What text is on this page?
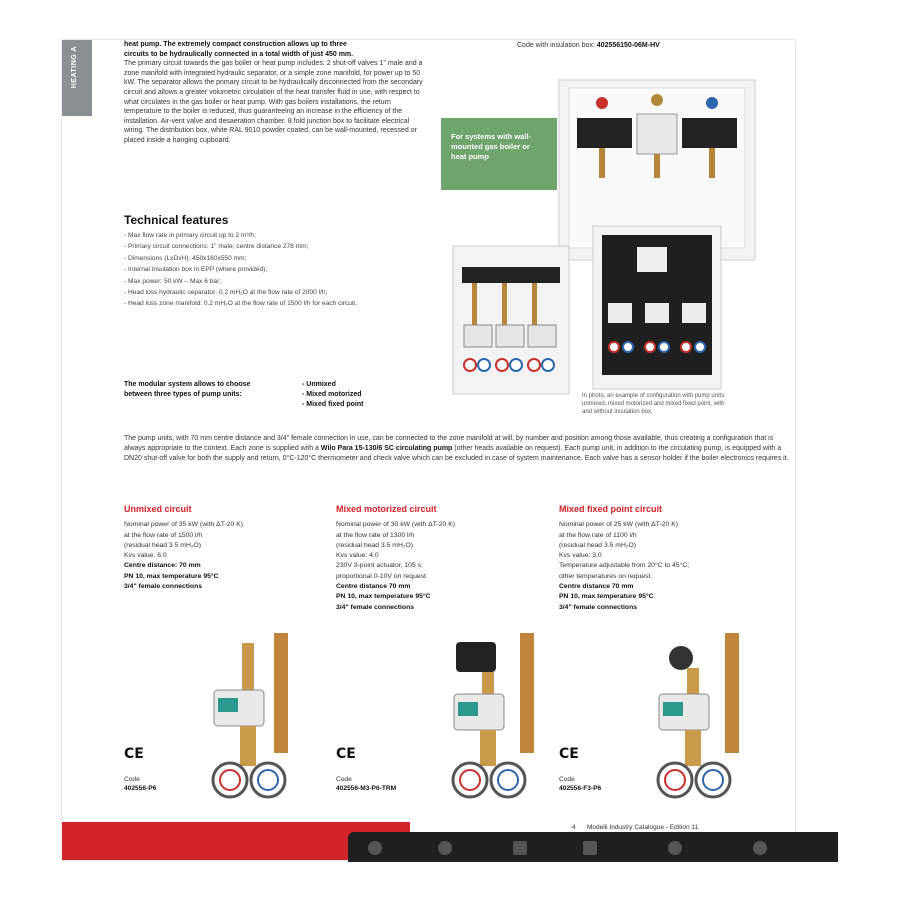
HEATING A
heat pump. The extremely compact construction allows up to three
circuits to be hydraulically connected in a total width of just 450 mm.
The primary circuit towards the gas boiler or heat pump includes: 2 shut-off valves 1" male and a zone manifold with integrated hydraulic separator, or a simple zone manifold, for power up to 50 kW. The separator allows the primary circuit to be hydraulically disconnected from the secondary circuit and allows a greater volumetric circulation of the heat transfer fluid in use, with respect to what circulates in the gas boiler or heat pump. With gas boilers installations, the return temperature to the boiler is reduced, thus guaranteeing an increase in the efficiency of the installation. Air-vent valve and desaeration chamber. 8 fold junction box to facilitate electrical wiring. The distribution box, white RAL 9010 powder coated, can be wall-mounted, recessed or placed inside a hanging cupboard.
Code with insulation box: 402556150-06M-HV
For systems with wall-mounted gas boiler or heat pump
Technical features
- Max flow rate in primary circuit up to 2 m³/h;
- Primary circuit connections: 1" male; centre distance 278 mm;
- Dimensions (LxDxH): 450x160x550 mm;
- Internal insulation box in EPP (where provided);
- Max power: 50 kW – Max 6 bar;
- Head loss hydraulic separator: 0.2 mH₂O at the flow rate of 2000 l/h;
- Head loss zone manifold: 0.2 mH₂O at the flow rate of 1500 l/h for each circuit.
The modular system allows to choose between three types of pump units:
- Unmixed
- Mixed motorized
- Mixed fixed point
In photo, an example of configuration with pump units: unmixed, mixed motorized and mixed fixed point, with and without insulation box.
The pump units, with 70 mm centre distance and 3/4" female connection in use, can be connected to the zone manifold at will, by number and position among those available, thus creating a configuration that is always appropriate to the context. Each zone is supplied with a Wilo Para 15-130/6 SC circulating pump (other heads available on request). Each pump unit, in addition to the circulating pump, is equipped with a DN20 shut-off valve for both the supply and return, 0°C-120°C thermometer and check valve which can be excluded in case of system maintenance. Each valve has a sensor holder if the boiler electronics requires it.
Unmixed circuit
Nominal power of 35 kW (with ΔT-20 K)
at the flow rate of 1500 l/h
(residual head 3.5 mH₂O)
Kvs value: 6.0
Centre distance: 70 mm
PN 10, max temperature 95°C
3/4" female connections
Mixed motorized circuit
Nominal power of 30 kW (with ΔT-20 K)
at the flow rate of 1300 l/h
(residual head 3.5 mH₂O)
Kvs value: 4.0
230V 3-point actuator, 105 s;
proportional 0-10V on request.
Centre distance 70 mm
PN 10, max temperature 95°C
3/4" female connections
Mixed fixed point circuit
Nominal power of 25 kW (with ΔT-20 K)
at the flow rate of 1100 l/h
(residual head 3.5 mH₂O)
Kvs value: 3.0
Temperature adjustable from 20°C to 45°C;
other temperatures on request.
Centre distance 70 mm
PN 10, max temperature 95°C
3/4" female connections
CE	CE	CE
Code
402556-P6
Code
402556-M3-P6-TRM
Code
402556-F3-P6
4 Modelli Industry Catalogue - Edition 11
